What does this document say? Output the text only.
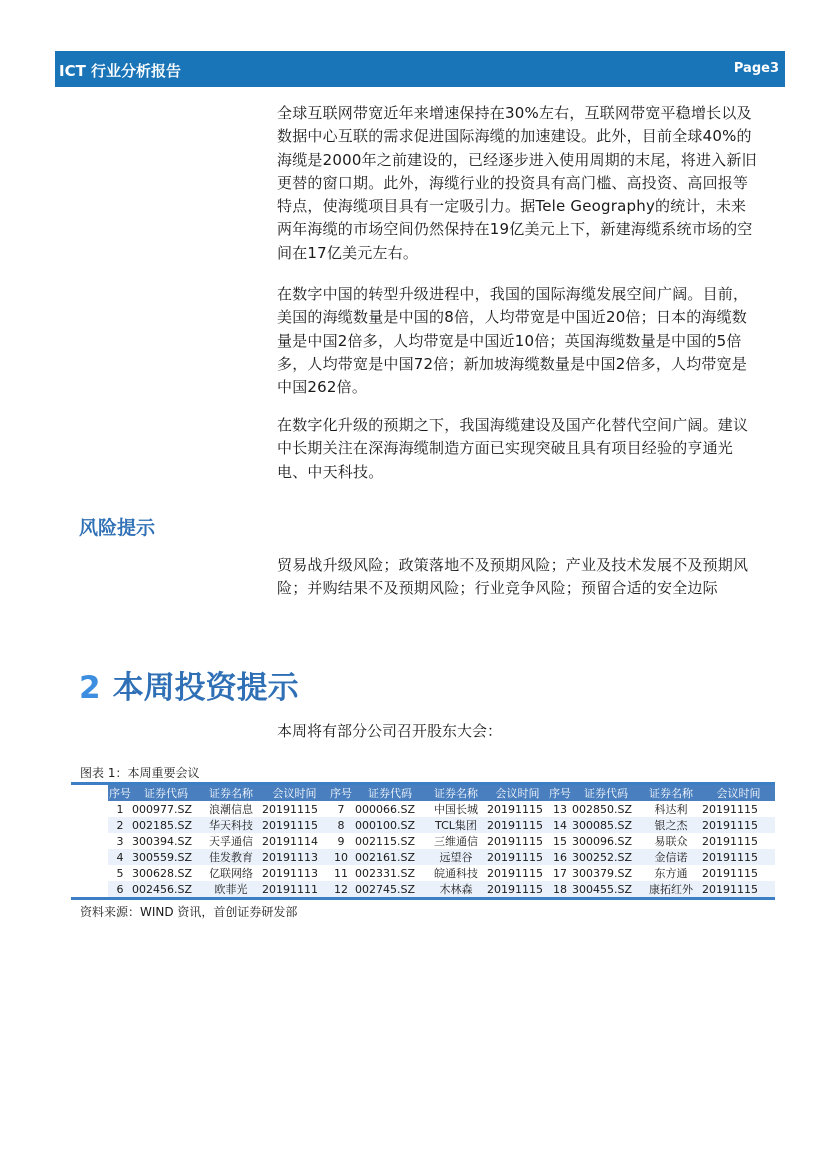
ICT 行业分析报告	Page3

全球互联网带宽近年来增速保持在30%左右，互联网带宽平稳增长以及数据中心互联的需求促进国际海缆的加速建设。此外，目前全球40%的海缆是2000年之前建设的，已经逐步进入使用周期的末尾，将进入新旧更替的窗口期。此外，海缆行业的投资具有高门槛、高投资、高回报等特点，使海缆项目具有一定吸引力。据Tele Geography的统计，未来两年海缆的市场空间仍然保持在19亿美元上下，新建海缆系统市场的空间在17亿美元左右。

在数字中国的转型升级进程中，我国的国际海缆发展空间广阔。目前，美国的海缆数量是中国的8倍，人均带宽是中国近20倍；日本的海缆数量是中国2倍多，人均带宽是中国近10倍；英国海缆数量是中国的5倍多，人均带宽是中国72倍；新加坡海缆数量是中国2倍多，人均带宽是中国262倍。

在数字化升级的预期之下，我国海缆建设及国产化替代空间广阔。建议中长期关注在深海海缆制造方面已实现突破且具有项目经验的亨通光电、中天科技。

风险提示

贸易战升级风险；政策落地不及预期风险；产业及技术发展不及预期风险；并购结果不及预期风险；行业竞争风险；预留合适的安全边际

2 本周投资提示
本周将有部分公司召开股东大会：
图表 1：本周重要会议
序号	证券代码	证券名称	会议时间	序号	证券代码	证券名称	会议时间	序号	证券代码	证券名称	会议时间
1	000977.SZ	浪潮信息	20191115	7	000066.SZ	中国长城	20191115	13	002850.SZ	科达利	20191115
2	002185.SZ	华天科技	20191115	8	000100.SZ	TCL集团	20191115	14	300085.SZ	银之杰	20191115
3	300394.SZ	天孚通信	20191114	9	002115.SZ	三维通信	20191115	15	300096.SZ	易联众	20191115
4	300559.SZ	佳发教育	20191113	10	002161.SZ	远望谷	20191115	16	300252.SZ	金信诺	20191115
5	300628.SZ	亿联网络	20191113	11	002331.SZ	皖通科技	20191115	17	300379.SZ	东方通	20191115
6	002456.SZ	欧菲光	20191111	12	002745.SZ	木林森	20191115	18	300455.SZ	康拓红外	20191115
资料来源：WIND 资讯，首创证券研发部
